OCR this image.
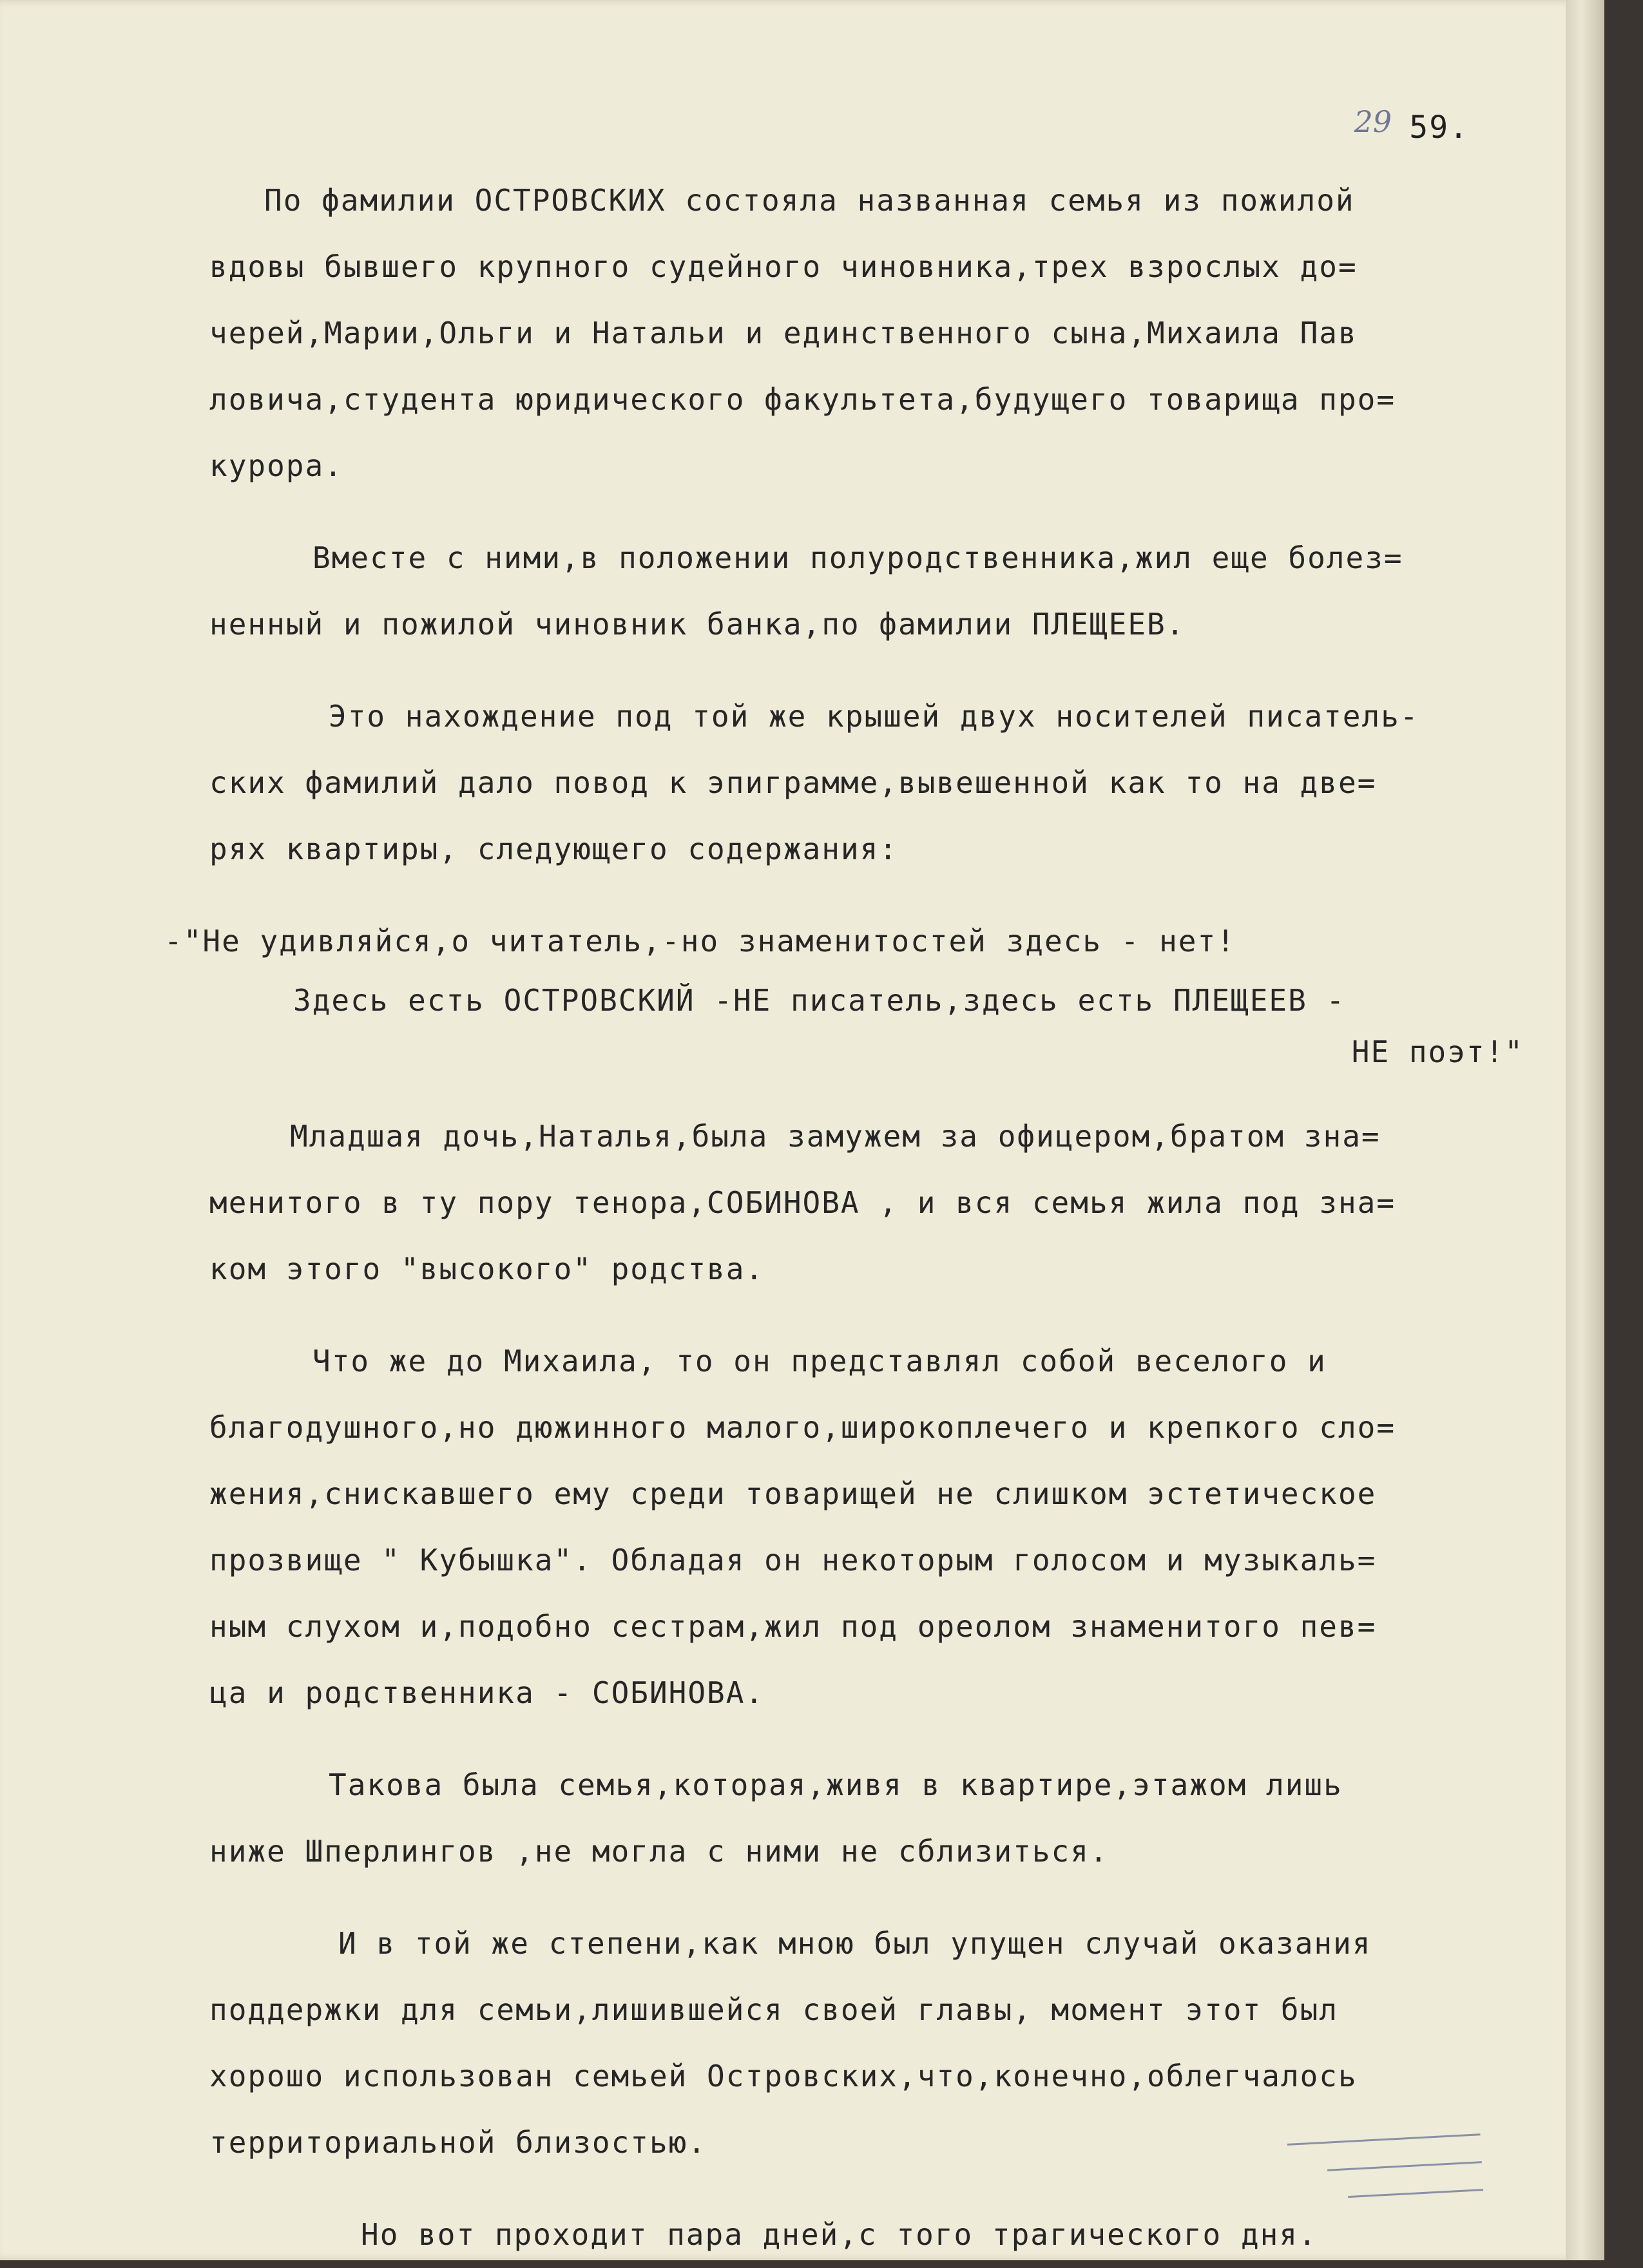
29 59.
По фамилии ОСТРОВСКИХ состояла названная семья из пожилой
вдовы бывшего крупного судейного чиновника,трех взрослых до=
черей,Марии,Ольги и Натальи и единственного сына,Михаила Пав
ловича,студента юридического факультета,будущего товарища про=
курора.
Вместе с ними,в положении полуродственника,жил еще болез=
ненный и пожилой чиновник банка,по фамилии ПЛЕЩЕЕВ.
Это нахождение под той же крышей двух носителей писатель-
ских фамилий дало повод к эпиграмме,вывешенной как то на две=
рях квартиры, следующего содержания:
-"Не удивляйся,о читатель,-но знаменитостей здесь - нет!
Здесь есть ОСТРОВСКИЙ -НЕ писатель,здесь есть ПЛЕЩЕЕВ -
НЕ поэт!"
Младшая дочь,Наталья,была замужем за офицером,братом зна=
менитого в ту пору тенора,СОБИНОВА , и вся семья жила под зна=
ком этого "высокого" родства.
Что же до Михаила, то он представлял собой веселого и
благодушного,но дюжинного малого,широкоплечего и крепкого сло=
жения,снискавшего ему среди товарищей не слишком эстетическое
прозвище " Кубышка". Обладая он некоторым голосом и музыкаль=
ным слухом и,подобно сестрам,жил под ореолом знаменитого пев=
ца и родственника - СОБИНОВА.
Такова была семья,которая,живя в квартире,этажом лишь
ниже Шперлингов ,не могла с ними не сблизиться.
И в той же степени,как мною был упущен случай оказания
поддержки для семьи,лишившейся своей главы, момент этот был
хорошо использован семьей Островских,что,конечно,облегчалось
территориальной близостью.
Но вот проходит пара дней,с того трагического дня.
